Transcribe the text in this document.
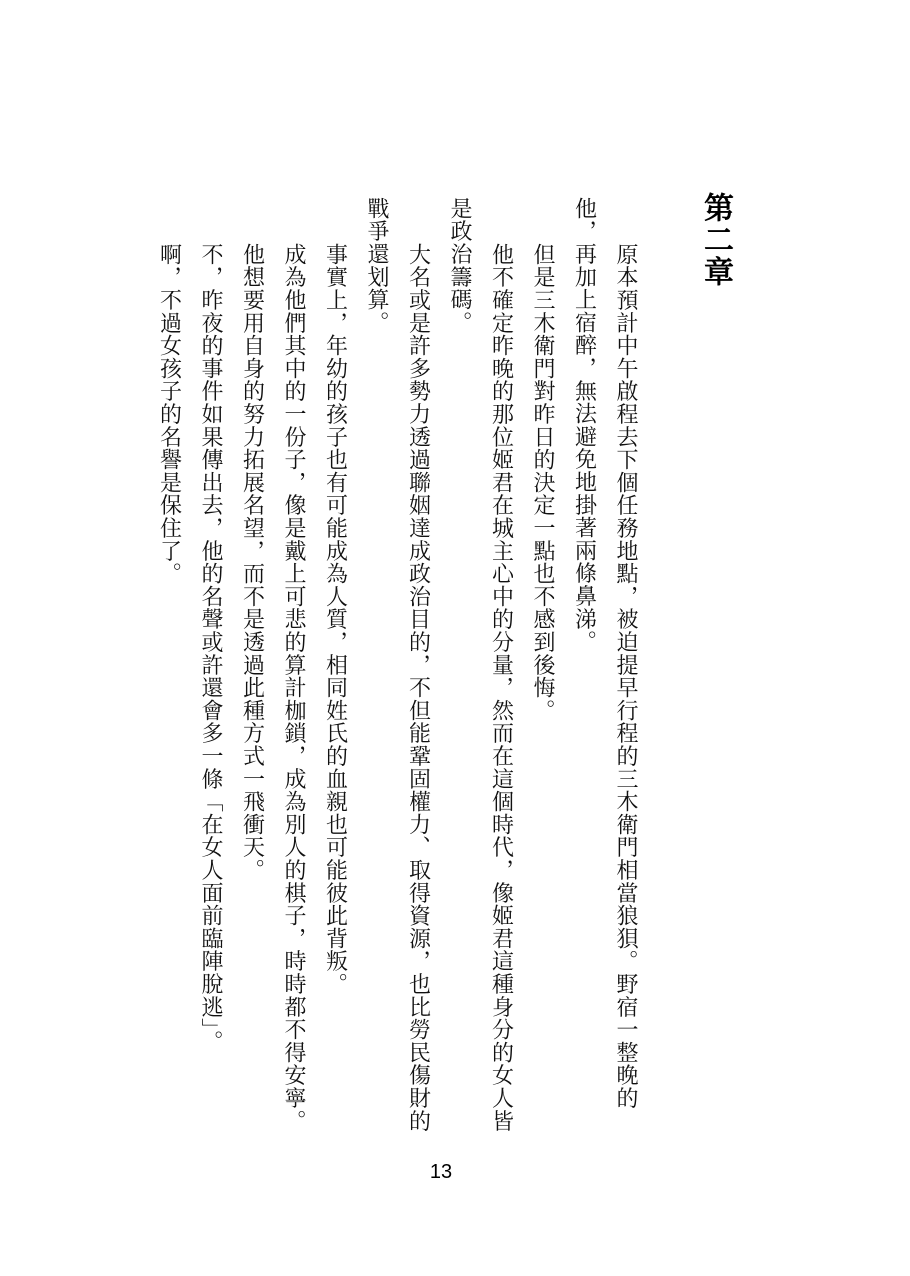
第二章
原本預計中午啟程去下個任務地點，被迫提早行程的三木衛門相當狼狽。野宿一整晚的
他，再加上宿醉，無法避免地掛著兩條鼻涕。
但是三木衛門對昨日的決定一點也不感到後悔。
他不確定昨晚的那位姬君在城主心中的分量，然而在這個時代，像姬君這種身分的女人皆
是政治籌碼。
大名或是許多勢力透過聯姻達成政治目的，不但能鞏固權力、取得資源，也比勞民傷財的
戰爭還划算。
事實上，年幼的孩子也有可能成為人質，相同姓氏的血親也可能彼此背叛。
成為他們其中的一份子，像是戴上可悲的算計枷鎖，成為別人的棋子，時時都不得安寧。
他想要用自身的努力拓展名望，而不是透過此種方式一飛衝天。
不，昨夜的事件如果傳出去，他的名聲或許還會多一條「在女人面前臨陣脫逃」。
啊，不過女孩子的名譽是保住了。
13
